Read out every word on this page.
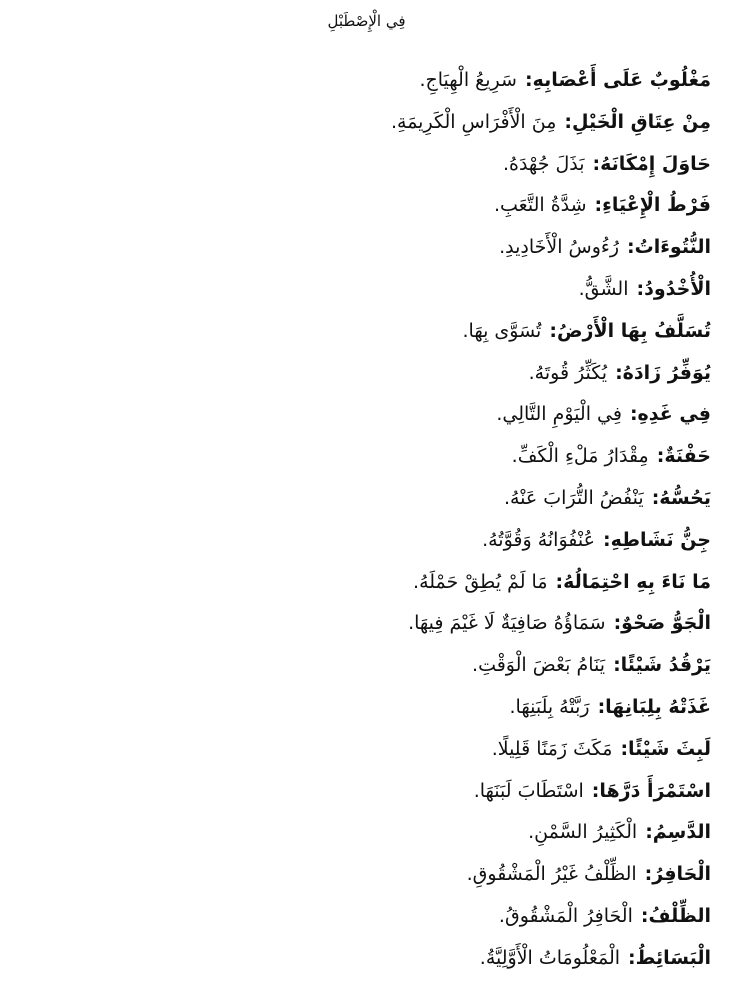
فِي الْإِصْطَبْلِ
مَغْلُوبٌ عَلَى أَعْصَابِهِ:سَرِيعُ الْهِيَاجِ.
مِنْ عِتَاقِ الْخَيْلِ:مِنَ الْأَفْرَاسِ الْكَرِيمَةِ.
حَاوَلَ إِمْكَانَهُ:بَذَلَ جُهْدَهُ.
فَرْطُ الْإِعْيَاءِ:شِدَّةُ التَّعَبِ.
النُّتُوءَاتُ:رُءُوسُ الْأَخَادِيدِ.
الْأُخْدُودُ:الشَّقُّ.
تُسَلَّفُ بِهَا الْأَرْضُ:تُسَوَّى بِهَا.
يُوَفِّرُ زَادَهُ:يُكَثِّرُ قُوتَهُ.
فِي غَدِهِ:فِي الْيَوْمِ التَّالِي.
حَفْنَةٌ:مِقْدَارُ مَلْءِ الْكَفِّ.
يَحُسُّهُ:يَنْفُضُ التُّرَابَ عَنْهُ.
جِنُّ نَشَاطِهِ:عُنْفُوَانُهُ وَقُوَّتُهُ.
مَا نَاءَ بِهِ احْتِمَالُهُ:مَا لَمْ يُطِقْ حَمْلَهُ.
الْجَوُّ صَحْوٌ:سَمَاؤُهُ صَافِيَةٌ لَا غَيْمَ فِيهَا.
يَرْقُدُ شَيْئًا:يَنَامُ بَعْضَ الْوَقْتِ.
غَذَتْهُ بِلِبَانِهَا:رَبَّتْهُ بِلَبَنِهَا.
لَبِثَ شَيْئًا:مَكَثَ زَمَنًا قَلِيلًا.
اسْتَمْرَأَ دَرَّهَا:اسْتَطَابَ لَبَنَهَا.
الدَّسِمُ:الْكَثِيرُ السَّمْنِ.
الْحَافِرُ:الظِّلْفُ غَيْرُ الْمَشْقُوقِ.
الظِّلْفُ:الْحَافِرُ الْمَشْقُوقُ.
الْبَسَائِطُ:الْمَعْلُومَاتُ الْأَوَّلِيَّةُ.
